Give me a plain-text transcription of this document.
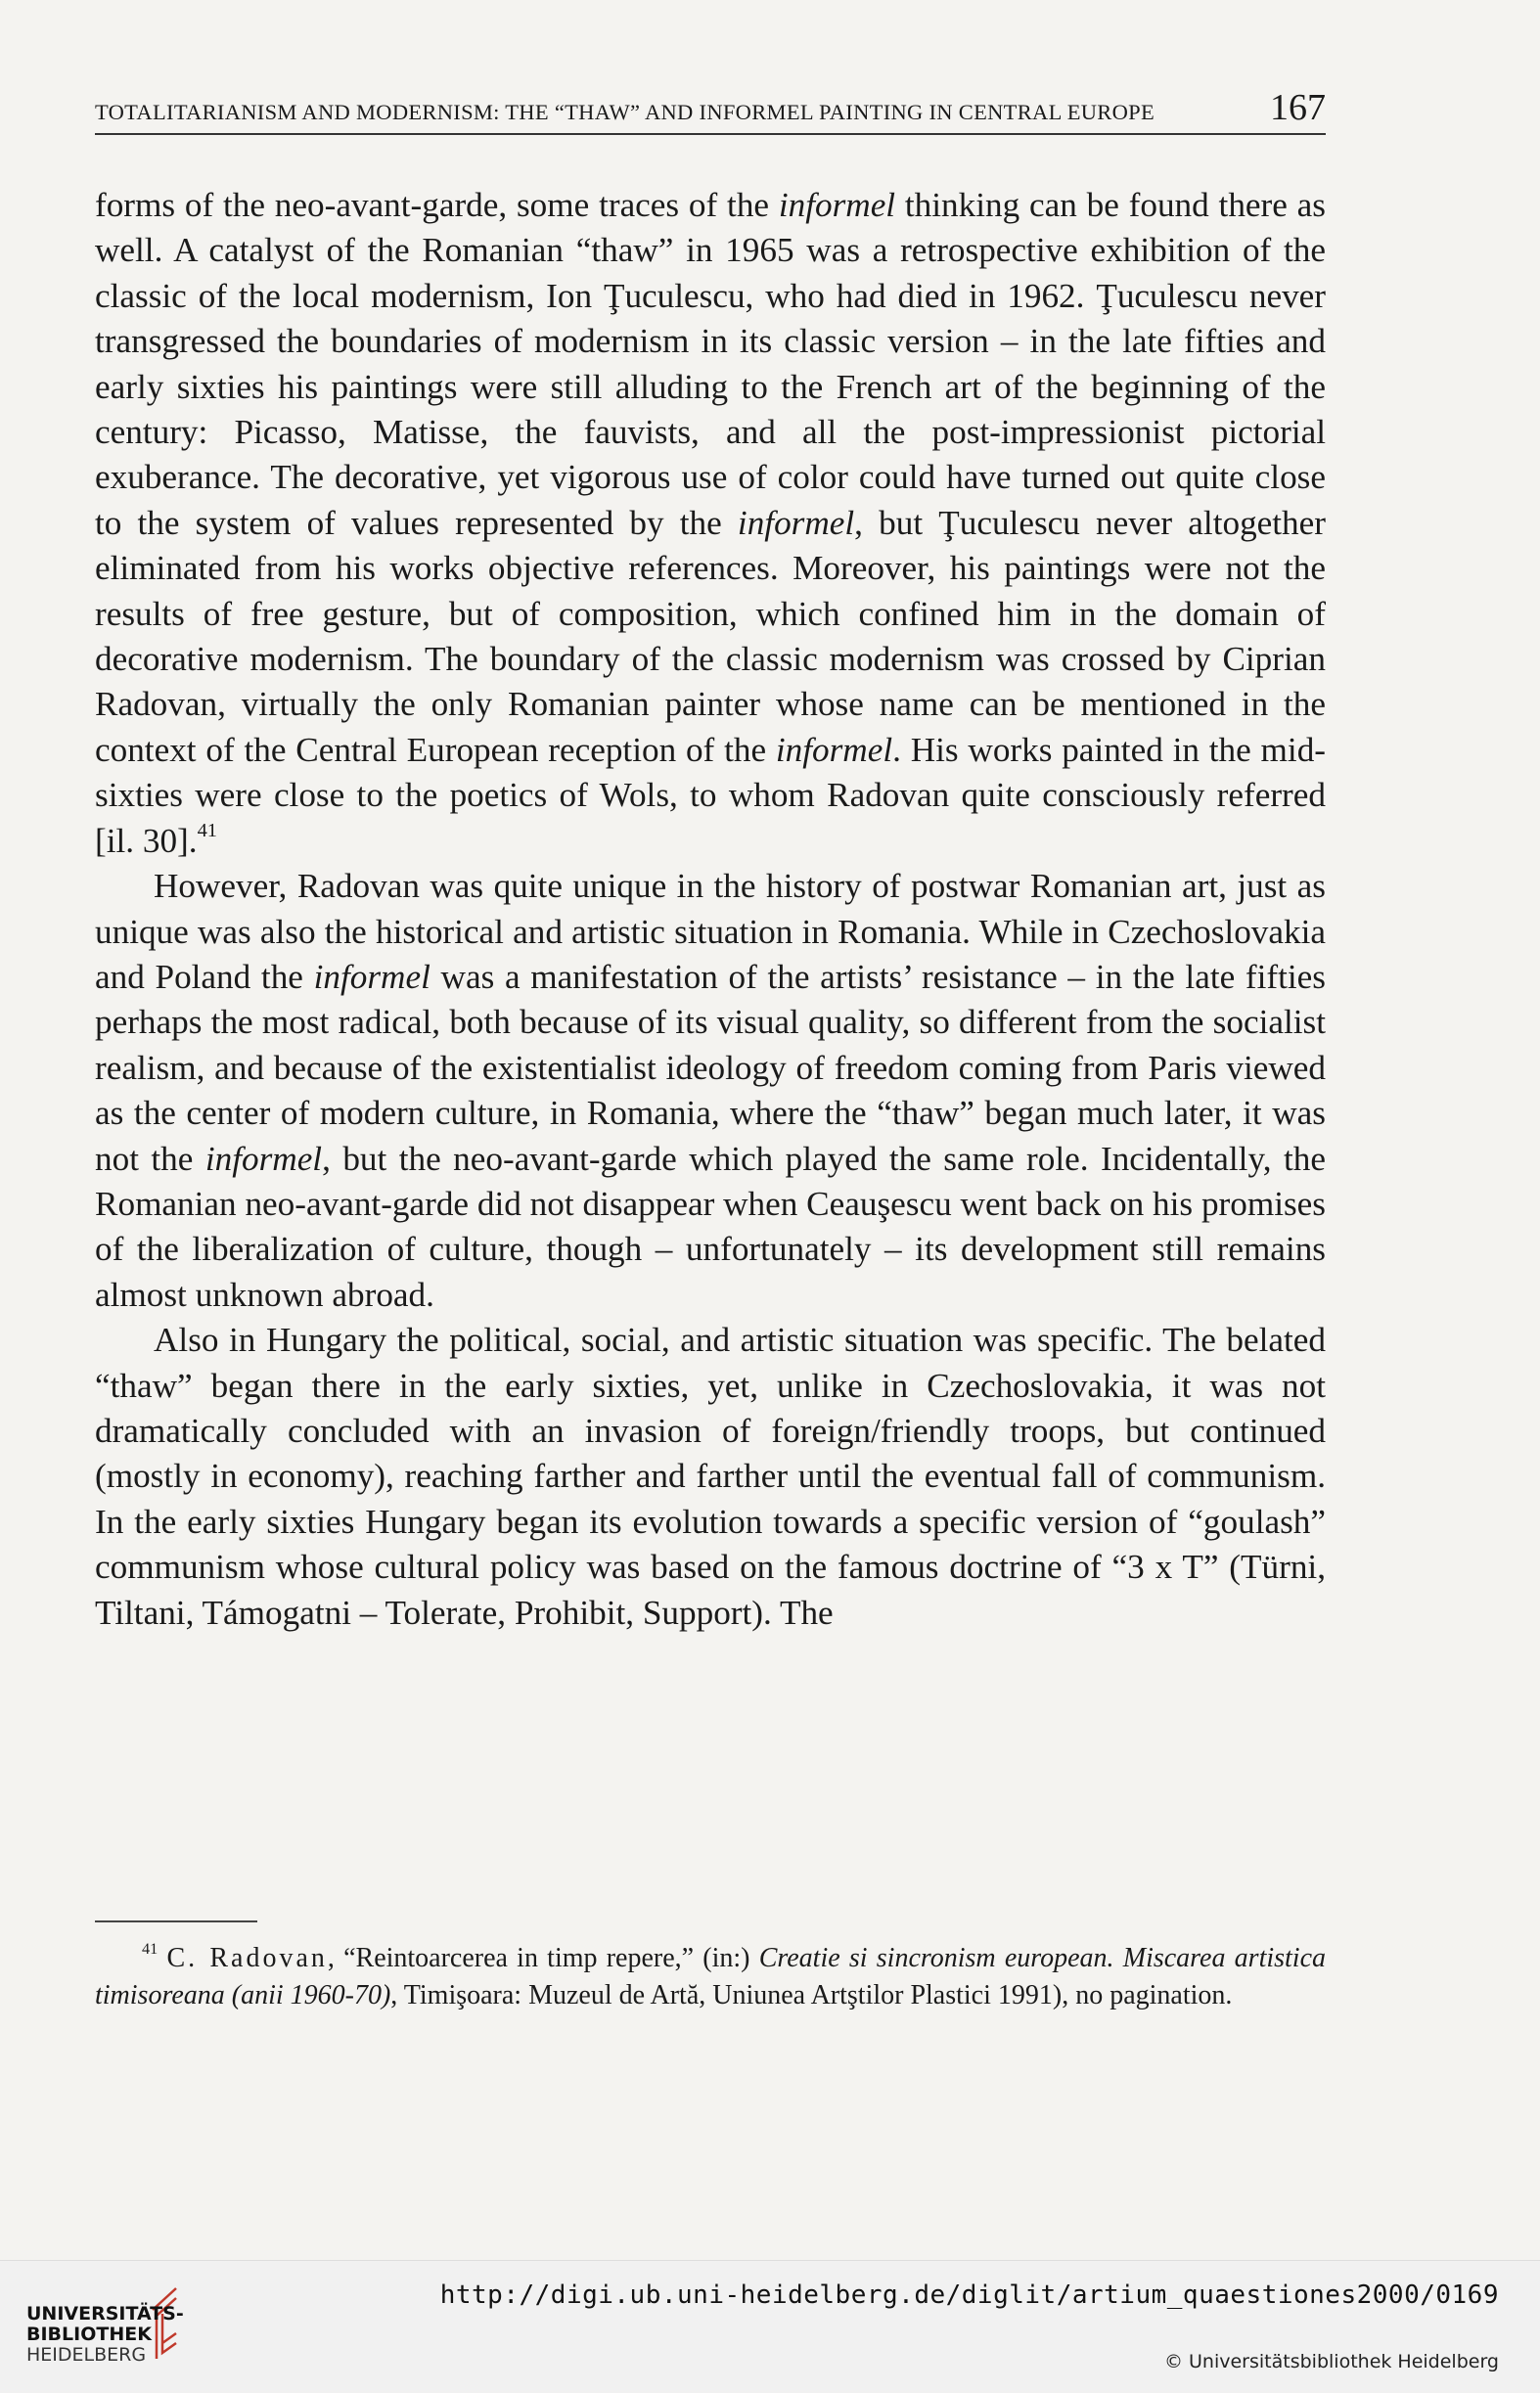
TOTALITARIANISM AND MODERNISM: THE “THAW” AND INFORMEL PAINTING IN CENTRAL EUROPE	167

forms of the neo-avant-garde, some traces of the informel thinking can be found there as well. A catalyst of the Romanian “thaw” in 1965 was a retrospective exhibition of the classic of the local modernism, Ion Ţuculescu, who had died in 1962. Ţuculescu never transgressed the boundaries of modernism in its classic version – in the late fifties and early sixties his paintings were still alluding to the French art of the beginning of the century: Picasso, Matisse, the fauvists, and all the post-impressionist pictorial exuberance. The decorative, yet vigorous use of color could have turned out quite close to the system of values represented by the informel, but Ţuculescu never altogether eliminated from his works objective references. Moreover, his paintings were not the results of free gesture, but of composition, which confined him in the domain of decorative modernism. The boundary of the classic modernism was crossed by Ciprian Radovan, virtually the only Romanian painter whose name can be mentioned in the context of the Central European reception of the informel. His works painted in the mid-sixties were close to the poetics of Wols, to whom Radovan quite consciously referred [il. 30].$^{41}$

However, Radovan was quite unique in the history of postwar Romanian art, just as unique was also the historical and artistic situation in Romania. While in Czechoslovakia and Poland the informel was a manifestation of the artists’ resistance – in the late fifties perhaps the most radical, both because of its visual quality, so different from the socialist realism, and because of the existentialist ideology of freedom coming from Paris viewed as the center of modern culture, in Romania, where the “thaw” began much later, it was not the informel, but the neo-avant-garde which played the same role. Incidentally, the Romanian neo-avant-garde did not disappear when Ceauşescu went back on his promises of the liberalization of culture, though – unfortunately – its development still remains almost unknown abroad.

Also in Hungary the political, social, and artistic situation was specific. The belated “thaw” began there in the early sixties, yet, unlike in Czechoslovakia, it was not dramatically concluded with an invasion of foreign/friendly troops, but continued (mostly in economy), reaching farther and farther until the eventual fall of communism. In the early sixties Hungary began its evolution towards a specific version of “goulash” communism whose cultural policy was based on the famous doctrine of “3 x T” (Türni, Tiltani, Támogatni – Tolerate, Prohibit, Support). The

$^{41}$ C. Radovan, “Reintoarcerea in timp repere,” (in:) Creatie si sincronism european. Miscarea artistica timisoreana (anii 1960-70), Timişoara: Muzeul de Artă, Uniunea Artştilor Plastici 1991), no pagination.
UNIVERSITÄTS-
BIBLIOTHEK
HEIDELBERG
http://digi.ub.uni-heidelberg.de/diglit/artium_quaestiones2000/0169
© Universitätsbibliothek Heidelberg
